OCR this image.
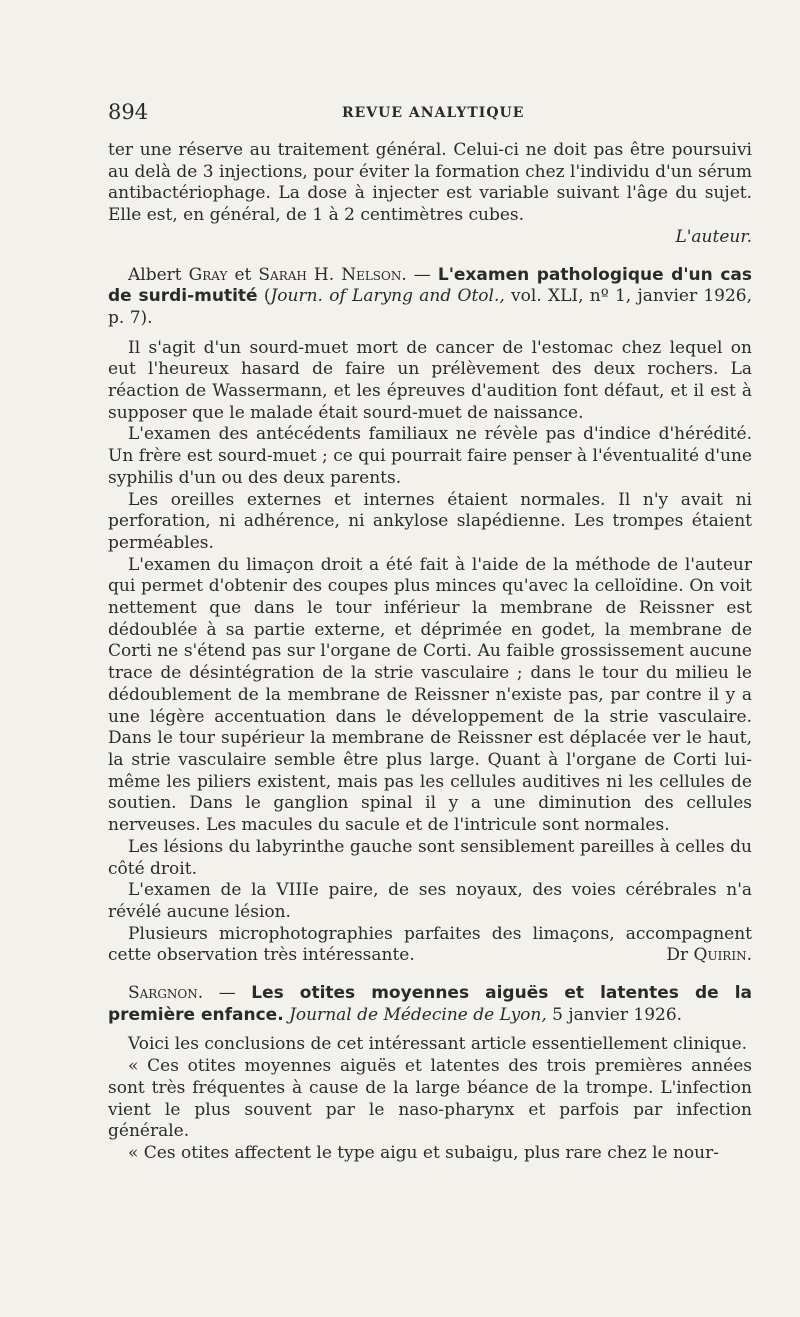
894	REVUE ANALYTIQUE

ter une réserve au traitement général. Celui-ci ne doit pas être poursuivi au delà de 3 injections, pour éviter la formation chez l'individu d'un sérum antibactériophage. La dose à injecter est variable suivant l'âge du sujet. Elle est, en général, de 1 à 2 centimètres cubes.

L'auteur.

Albert Gray et Sarah H. Nelson. — L'examen pathologique d'un cas de surdi-mutité (Journ. of Laryng and Otol., vol. XLI, nº 1, janvier 1926, p. 7).

Il s'agit d'un sourd-muet mort de cancer de l'estomac chez lequel on eut l'heureux hasard de faire un prélèvement des deux rochers. La réaction de Wassermann, et les épreuves d'audition font défaut, et il est à supposer que le malade était sourd-muet de naissance.

L'examen des antécédents familiaux ne révèle pas d'indice d'hérédité. Un frère est sourd-muet ; ce qui pourrait faire penser à l'éventualité d'une syphilis d'un ou des deux parents.

Les oreilles externes et internes étaient normales. Il n'y avait ni perforation, ni adhérence, ni ankylose slapédienne. Les trompes étaient perméables.

L'examen du limaçon droit a été fait à l'aide de la méthode de l'auteur qui permet d'obtenir des coupes plus minces qu'avec la celloïdine. On voit nettement que dans le tour inférieur la membrane de Reissner est dédoublée à sa partie externe, et déprimée en godet, la membrane de Corti ne s'étend pas sur l'organe de Corti. Au faible grossissement aucune trace de désintégration de la strie vasculaire ; dans le tour du milieu le dédoublement de la membrane de Reissner n'existe pas, par contre il y a une légère accentuation dans le développement de la strie vasculaire. Dans le tour supérieur la membrane de Reissner est déplacée ver le haut, la strie vasculaire semble être plus large. Quant à l'organe de Corti lui-même les piliers existent, mais pas les cellules auditives ni les cellules de soutien. Dans le ganglion spinal il y a une diminution des cellules nerveuses. Les macules du sacule et de l'intricule sont normales.

Les lésions du labyrinthe gauche sont sensiblement pareilles à celles du côté droit.

L'examen de la VIIIe paire, de ses noyaux, des voies cérébrales n'a révélé aucune lésion.

Plusieurs microphotographies parfaites des limaçons, accompagnent cette observation très intéressante.	Dr Quirin.

Sargnon. — Les otites moyennes aiguës et latentes de la première enfance. Journal de Médecine de Lyon, 5 janvier 1926.

Voici les conclusions de cet intéressant article essentiellement clinique.

« Ces otites moyennes aiguës et latentes des trois premières années sont très fréquentes à cause de la large béance de la trompe. L'infection vient le plus souvent par le naso-pharynx et parfois par infection générale.

« Ces otites affectent le type aigu et subaigu, plus rare chez le nour-
